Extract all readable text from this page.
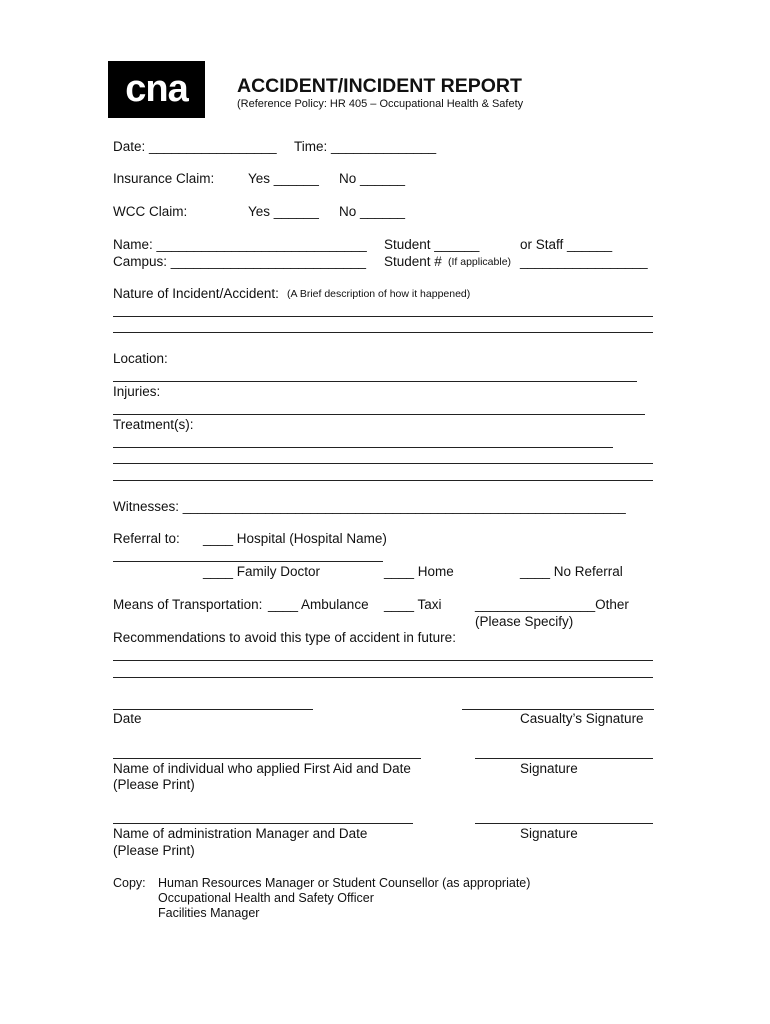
cna	ACCIDENT/INCIDENT REPORT
(Reference Policy: HR 405 – Occupational Health & Safety
Date: _________________ Time: ______________
Insurance Claim: Yes ______ No ______
WCC Claim:	Yes ______ No ______
Name: ____________________________ Student ______	or Staff ______
Campus: __________________________ Student # (If applicable) _________________
Nature of Incident/Accident: (A Brief description of how it happened)
Location:
Injuries:
Treatment(s):
Witnesses: ___________________________________________________________
Referral to: ____ Hospital (Hospital Name)
____ Family Doctor	____ Home	____ No Referral
Means of Transportation: ____ Ambulance ____ Taxi ________________Other
(Please Specify)
Recommendations to avoid this type of accident in future:
Date	Casualty’s Signature
Name of individual who applied First Aid and Date	Signature
(Please Print)
Name of administration Manager and Date	Signature
(Please Print)
Copy: Human Resources Manager or Student Counsellor (as appropriate)
Occupational Health and Safety Officer
Facilities Manager
